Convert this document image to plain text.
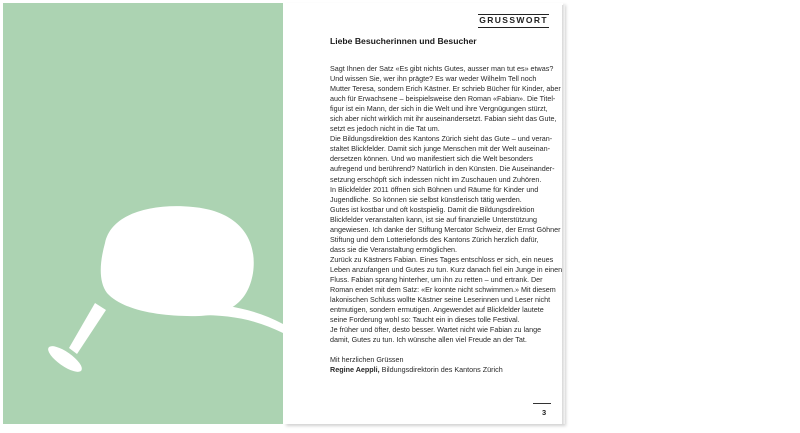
GRUSSWORT
Liebe Besucherinnen und Besucher
Sagt Ihnen der Satz «Es gibt nichts Gutes, ausser man tut es» etwas?
Und wissen Sie, wer ihn prägte? Es war weder Wilhelm Tell noch
Mutter Teresa, sondern Erich Kästner. Er schrieb Bücher für Kinder, aber
auch für Erwachsene – beispielsweise den Roman «Fabian». Die Titel-
figur ist ein Mann, der sich in die Welt und ihre Vergnügungen stürzt,
sich aber nicht wirklich mit ihr auseinandersetzt. Fabian sieht das Gute,
setzt es jedoch nicht in die Tat um.
Die Bildungsdirektion des Kantons Zürich sieht das Gute – und veran-
staltet Blickfelder. Damit sich junge Menschen mit der Welt auseinan-
dersetzen können. Und wo manifestiert sich die Welt besonders
aufregend und berührend? Natürlich in den Künsten. Die Auseinander-
setzung erschöpft sich indessen nicht im Zuschauen und Zuhören.
In Blickfelder 2011 öffnen sich Bühnen und Räume für Kinder und
Jugendliche. So können sie selbst künstlerisch tätig werden.
Gutes ist kostbar und oft kostspielig. Damit die Bildungsdirektion
Blickfelder veranstalten kann, ist sie auf finanzielle Unterstützung
angewiesen. Ich danke der Stiftung Mercator Schweiz, der Ernst Göhner
Stiftung und dem Lotteriefonds des Kantons Zürich herzlich dafür,
dass sie die Veranstaltung ermöglichen.
Zurück zu Kästners Fabian. Eines Tages entschloss er sich, ein neues
Leben anzufangen und Gutes zu tun. Kurz danach fiel ein Junge in einen
Fluss. Fabian sprang hinterher, um ihn zu retten – und ertrank. Der
Roman endet mit dem Satz: «Er konnte nicht schwimmen.» Mit diesem
lakonischen Schluss wollte Kästner seine Leserinnen und Leser nicht
entmutigen, sondern ermutigen. Angewendet auf Blickfelder lautete
seine Forderung wohl so: Taucht ein in dieses tolle Festival.
Je früher und öfter, desto besser. Wartet nicht wie Fabian zu lange
damit, Gutes zu tun. Ich wünsche allen viel Freude an der Tat.
Mit herzlichen Grüssen
Regine Aeppli, Bildungsdirektorin des Kantons Zürich
3
